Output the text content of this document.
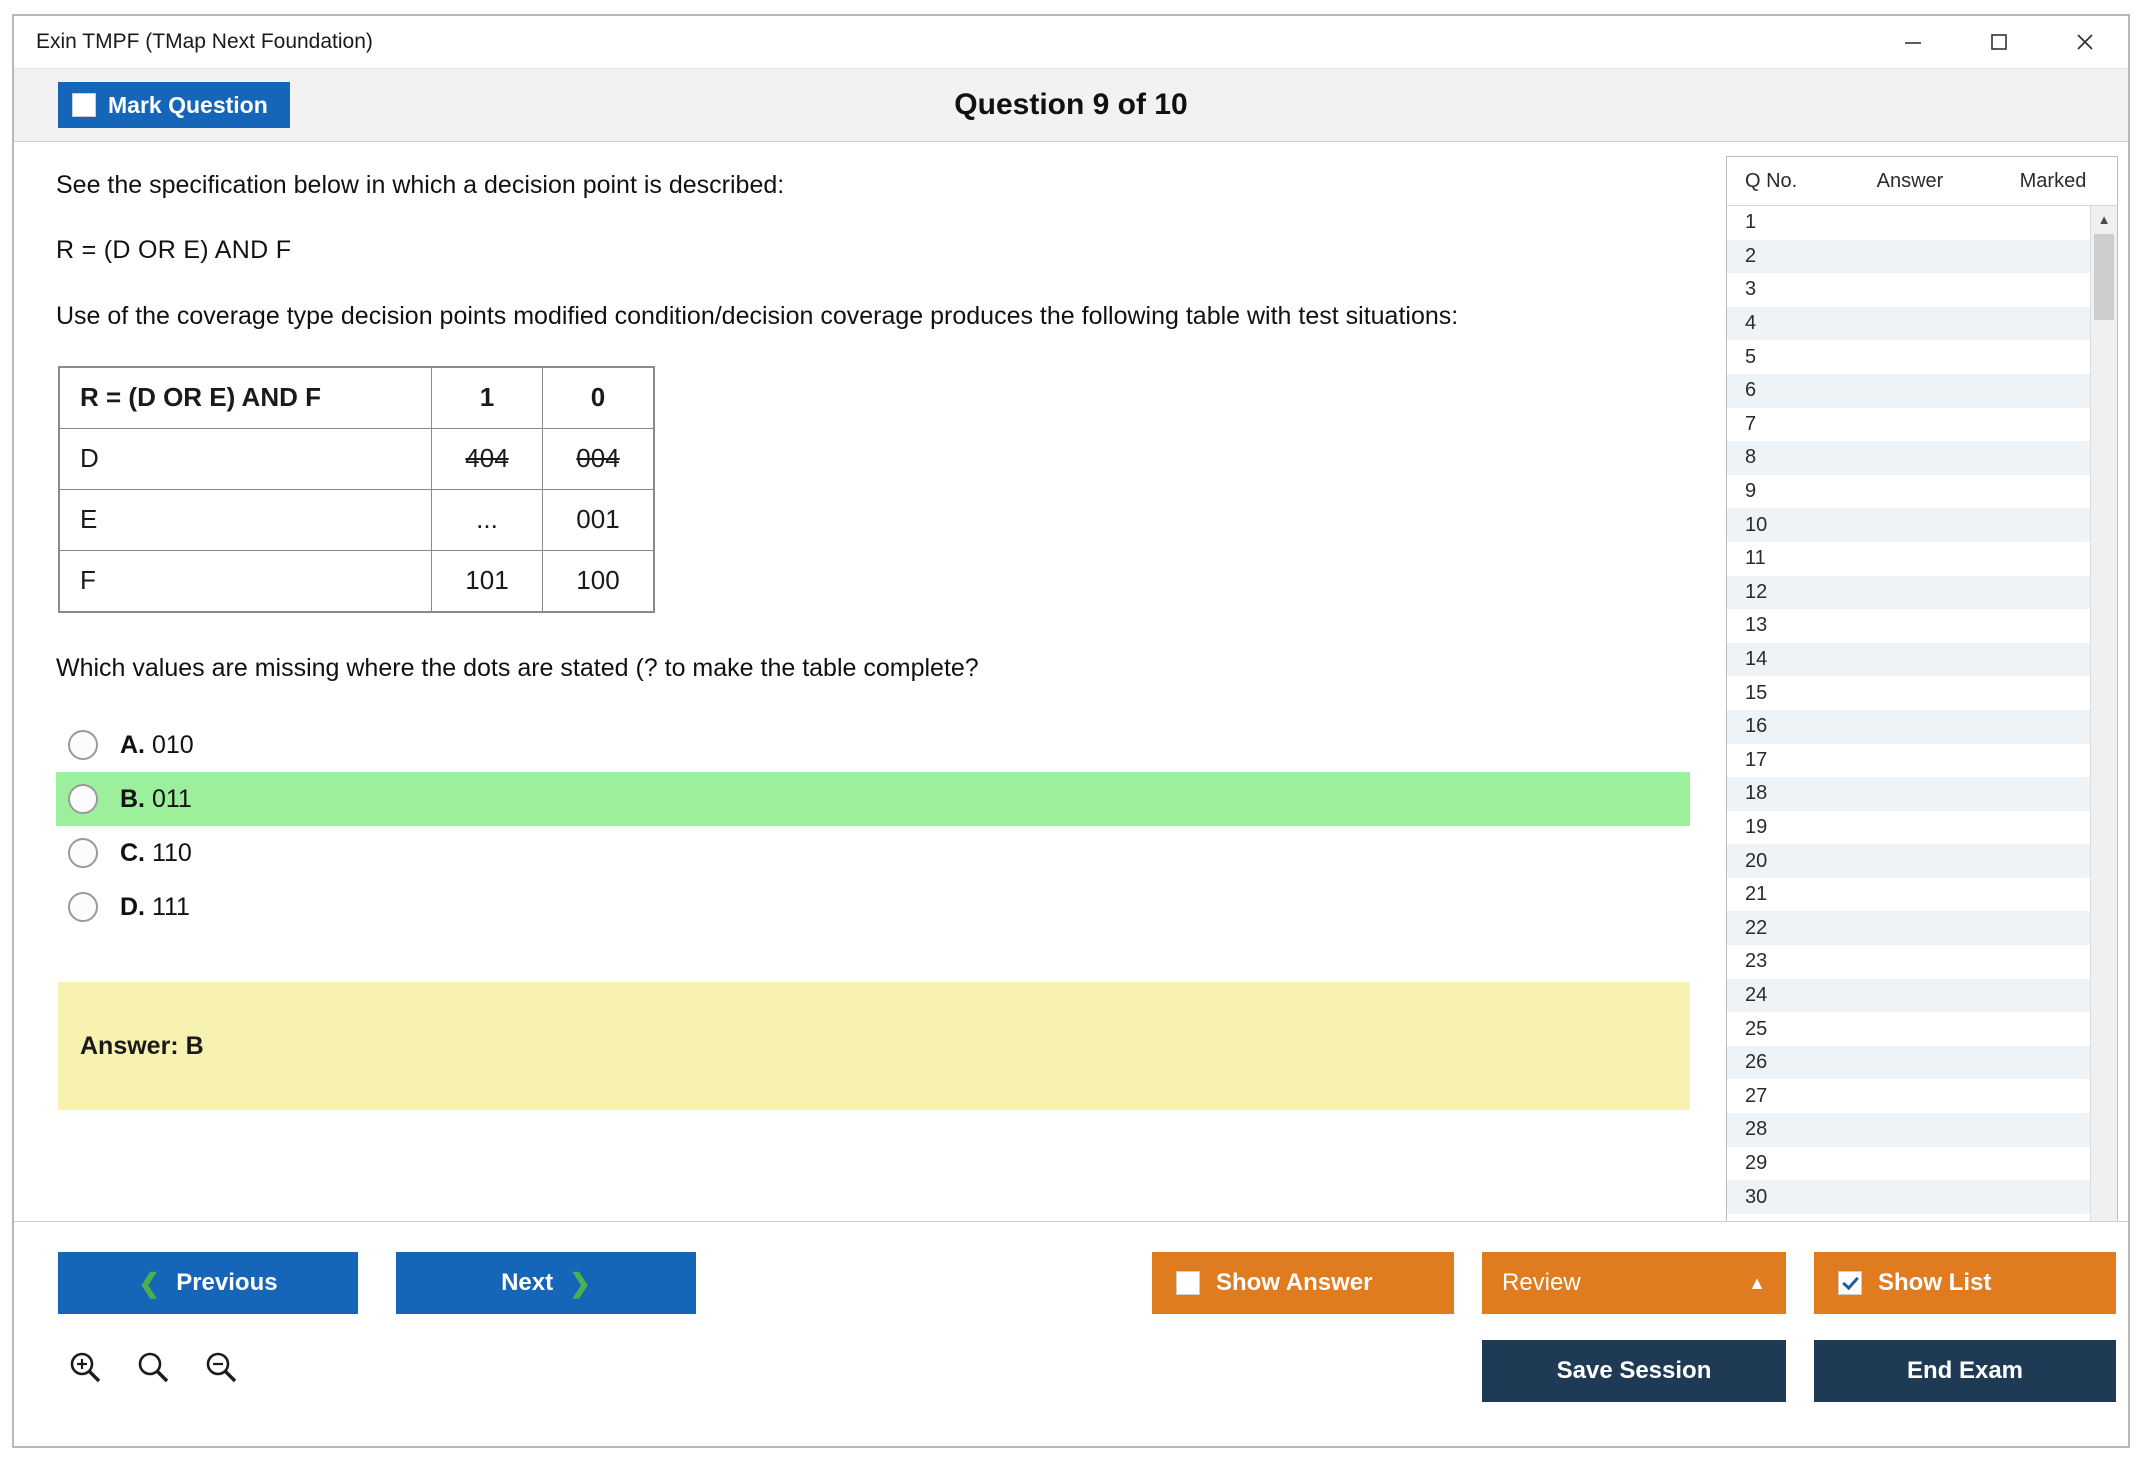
Exin TMPF (TMap Next Foundation)
Mark Question	Question 9 of 10

See the specification below in which a decision point is described:

R = (D OR E) AND F

Use of the coverage type decision points modified condition/decision coverage produces the following table with test situations:

R = (D OR E) AND F	1	0
D	404	004
E	...	001
F	101	100

Which values are missing where the dots are stated (? to make the table complete?

A. 010
B. 011
C. 110
D. 111
Answer: B
Q No.	Answer	Marked
1
2
3
4
5
6
7
8
9
10
11
12
13
14
15
16
17
18
19
20
21
22
23
24
25
26
27
28
29
30
▲
❮ Previous	Next ❯	Show Answer	Review	▲	Show List
Save Session	End Exam
